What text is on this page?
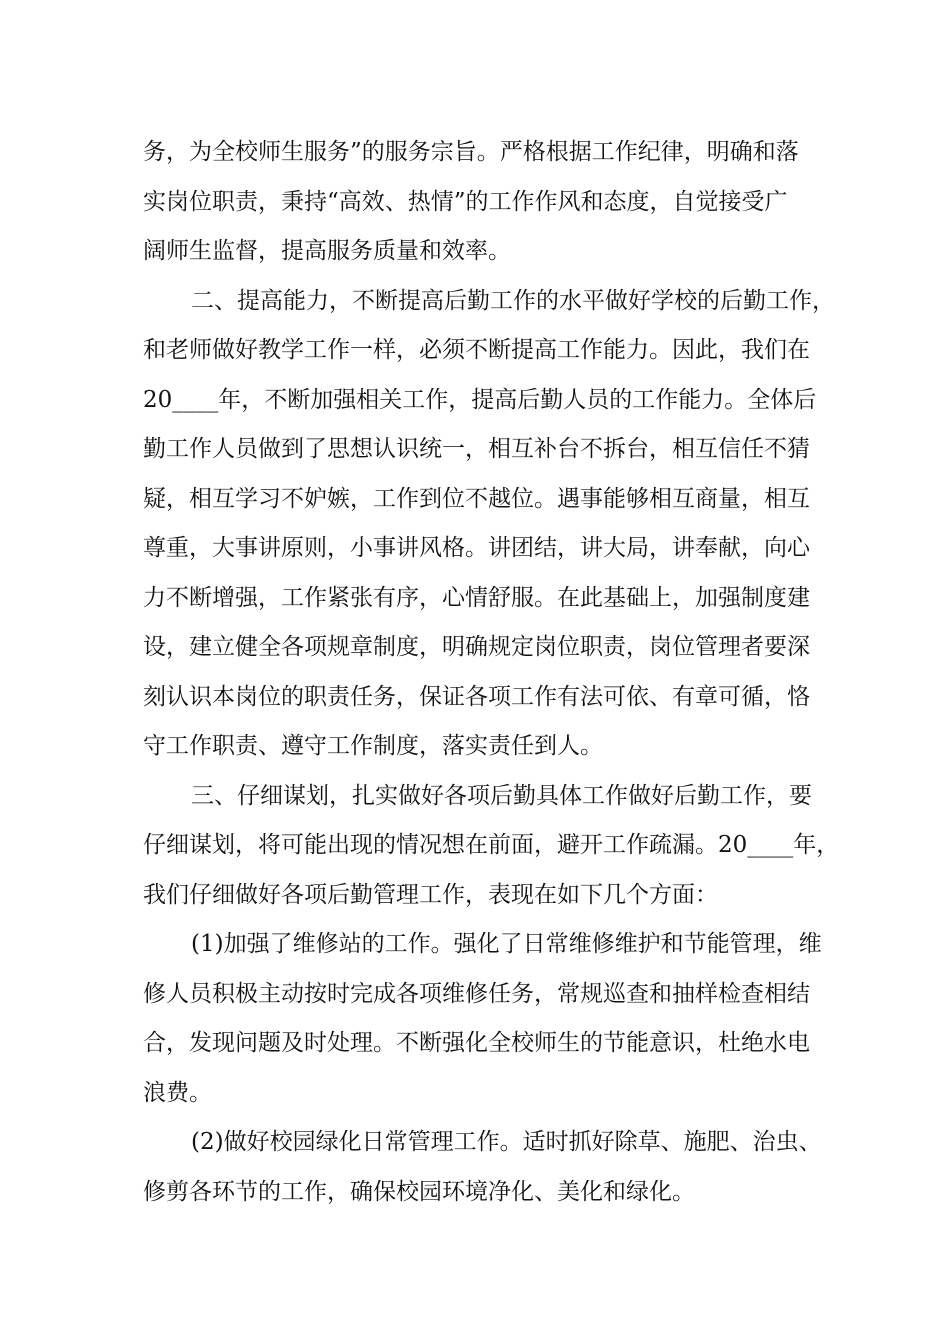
务，为全校师生服务”的服务宗旨。严格根据工作纪律，明确和落
实岗位职责，秉持“高效、热情”的工作作风和态度，自觉接受广
阔师生监督，提高服务质量和效率。
二、提高能力，不断提高后勤工作的水平做好学校的后勤工作，
和老师做好教学工作一样，必须不断提高工作能力。因此，我们在
20____年，不断加强相关工作，提高后勤人员的工作能力。全体后
勤工作人员做到了思想认识统一，相互补台不拆台，相互信任不猜
疑，相互学习不妒嫉，工作到位不越位。遇事能够相互商量，相互
尊重，大事讲原则，小事讲风格。讲团结，讲大局，讲奉献，向心
力不断增强，工作紧张有序，心情舒服。在此基础上，加强制度建
设，建立健全各项规章制度，明确规定岗位职责，岗位管理者要深
刻认识本岗位的职责任务，保证各项工作有法可依、有章可循，恪
守工作职责、遵守工作制度，落实责任到人。
三、仔细谋划，扎实做好各项后勤具体工作做好后勤工作，要
仔细谋划，将可能出现的情况想在前面，避开工作疏漏。20____年，
我们仔细做好各项后勤管理工作，表现在如下几个方面：
(1)加强了维修站的工作。强化了日常维修维护和节能管理，维
修人员积极主动按时完成各项维修任务，常规巡查和抽样检查相结
合，发现问题及时处理。不断强化全校师生的节能意识，杜绝水电
浪费。
(2)做好校园绿化日常管理工作。适时抓好除草、施肥、治虫、
修剪各环节的工作，确保校园环境净化、美化和绿化。
